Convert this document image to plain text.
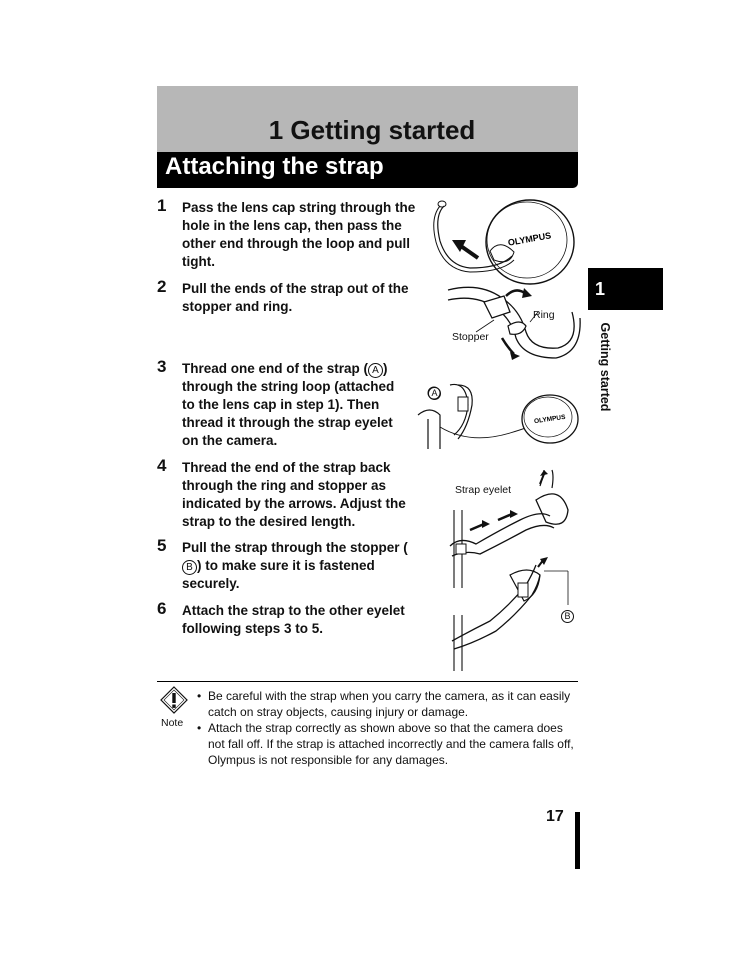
1 Getting started
Attaching the strap
1	Pass the lens cap string through the hole in the lens cap, then pass the other end through the loop and pull tight.
2	Pull the ends of the strap out of the stopper and ring.
3	Thread one end of the strap ( A ) through the string loop (attached to the lens cap in step 1). Then thread it through the strap eyelet on the camera.
4	Thread the end of the strap back through the ring and stopper as indicated by the arrows. Adjust the strap to the desired length.
5	Pull the strap through the stopper (B ) to make sure it is fastened securely.
6	Attach the strap to the other eyelet following steps 3 to 5.
OLYMPUS
Ring
Stopper
OLYMPUS
A
Strap eyelet
B
1
Getting started
Note
• Be careful with the strap when you carry the camera, as it can easily catch on stray objects, causing injury or damage.
• Attach the strap correctly as shown above so that the camera does not fall off. If the strap is attached incorrectly and the camera falls off, Olympus is not responsible for any damages.
17
